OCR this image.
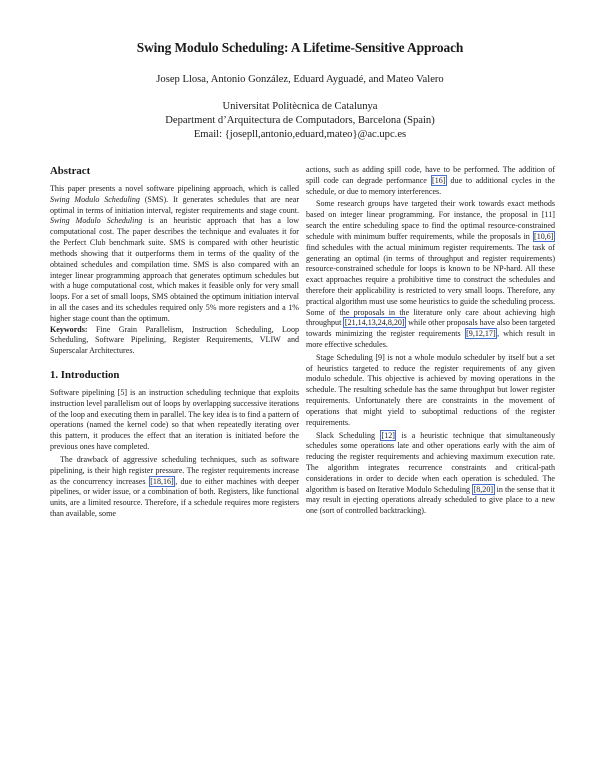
Swing Modulo Scheduling: A Lifetime-Sensitive Approach
Josep Llosa, Antonio González, Eduard Ayguadé, and Mateo Valero
Universitat Politècnica de Catalunya
Department d’Arquitectura de Computadors, Barcelona (Spain)
Email: {josepll,antonio,eduard,mateo}@ac.upc.es
Abstract

This paper presents a novel software pipelining approach, which is called Swing Modulo Scheduling (SMS). It generates schedules that are near optimal in terms of initiation interval, register requirements and stage count. Swing Modulo Scheduling is an heuristic approach that has a low computational cost. The paper describes the technique and evaluates it for the Perfect Club benchmark suite. SMS is compared with other heuristic methods showing that it outperforms them in terms of the quality of the obtained schedules and compilation time. SMS is also compared with an integer linear programming approach that generates optimum schedules but with a huge computational cost, which makes it feasible only for very small loops. For a set of small loops, SMS obtained the optimum initiation interval in all the cases and its schedules required only 5% more registers and a 1% higher stage count than the optimum.

Keywords: Fine Grain Parallelism, Instruction Scheduling, Loop Scheduling, Software Pipelining, Register Requirements, VLIW and Superscalar Architectures.

1. Introduction

Software pipelining [5] is an instruction scheduling technique that exploits instruction level parallelism out of loops by overlapping successive iterations of the loop and executing them in parallel. The key idea is to find a pattern of operations (named the kernel code) so that when repeatedly iterating over this pattern, it produces the effect that an iteration is initiated before the previous ones have completed.

The drawback of aggressive scheduling techniques, such as software pipelining, is their high register pressure. The register requirements increase as the concurrency increases [18,16] , due to either machines with deeper pipelines, or wider issue, or a combination of both. Registers, like functional units, are a limited resource. Therefore, if a schedule requires more registers than available, some

actions, such as adding spill code, have to be performed. The addition of spill code can degrade performance [16] due to additional cycles in the schedule, or due to memory interferences.

Some research groups have targeted their work towards exact methods based on integer linear programming. For instance, the proposal in [11] search the entire scheduling space to find the optimal resource-constrained schedule with minimum buffer requirements, while the proposals in [10,6] find schedules with the actual minimum register requirements. The task of generating an optimal (in terms of throughput and register requirements) resource-constrained schedule for loops is known to be NP-hard. All these exact approaches require a prohibitive time to construct the schedules and therefore their applicability is restricted to very small loops. Therefore, any practical algorithm must use some heuristics to guide the scheduling process. Some of the proposals in the literature only care about achieving high throughput [21,14,13,24,8,20] while other proposals have also been targeted towards minimizing the register requirements [9,12,17] , which result in more effective schedules.

Stage Scheduling [9] is not a whole modulo scheduler by itself but a set of heuristics targeted to reduce the register requirements of any given modulo schedule. This objective is achieved by moving operations in the schedule. The resulting schedule has the same throughput but lower register requirements. Unfortunately there are constraints in the movement of operations that might yield to suboptimal reductions of the register requirements.

Slack Scheduling [12] is a heuristic technique that simultaneously schedules some operations late and other operations early with the aim of reducing the register requirements and achieving maximum execution rate. The algorithm integrates recurrence constraints and critical-path considerations in order to decide when each operation is scheduled. The algorithm is based on Iterative Modulo Scheduling [8,20] in the sense that it may result in ejecting operations already scheduled to give place to a new one (sort of controlled backtracking).
